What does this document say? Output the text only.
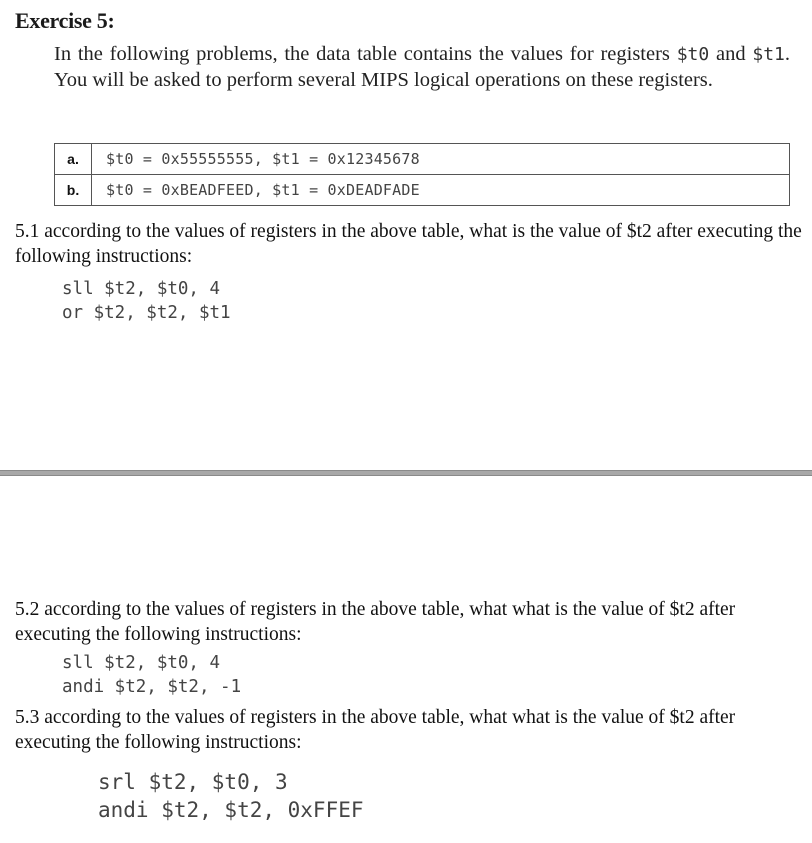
Exercise 5:
In the following problems, the data table contains the values for registers $t0 and $t1. You will be asked to perform several MIPS logical operations on these registers.
a.	$t0 = 0x55555555, $t1 = 0x12345678
b.	$t0 = 0xBEADFEED, $t1 = 0xDEADFADE
5.1 according to the values of registers in the above table, what is the value of $t2 after executing the following instructions:
sll $t2, $t0, 4
or $t2, $t2, $t1
5.2 according to the values of registers in the above table, what what is the value of $t2 after executing the following instructions:
sll $t2, $t0, 4
andi $t2, $t2, -1
5.3 according to the values of registers in the above table, what what is the value of $t2 after executing the following instructions:
srl $t2, $t0, 3
andi $t2, $t2, 0xFFEF
